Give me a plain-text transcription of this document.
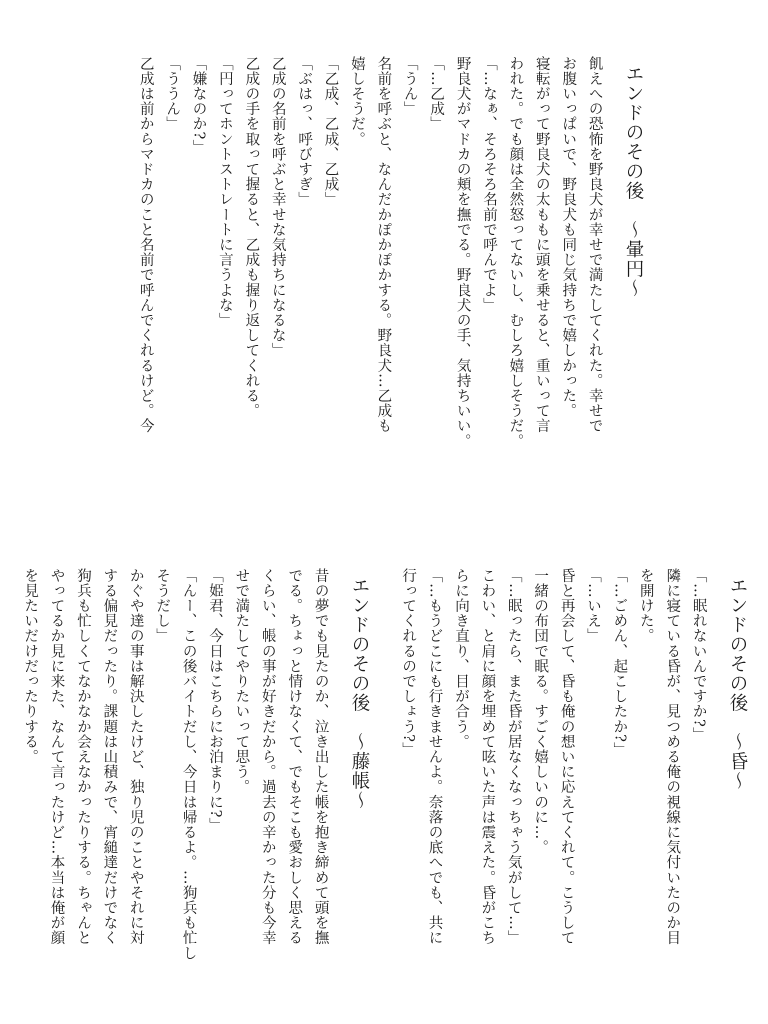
エンドのその後　～暈円～
飢えへの恐怖を野良犬が幸せで満たしてくれた。幸せで
お腹いっぱいで、野良犬も同じ気持ちで嬉しかった。
寝転がって野良犬の太ももに頭を乗せると、重いって言
われた。でも顔は全然怒ってないし、むしろ嬉しそうだ。
「…なぁ、そろそろ名前で呼んでよ」
野良犬がマドカの頬を撫でる。野良犬の手、気持ちいい。
「…乙成」
「うん」
名前を呼ぶと、なんだかぽかぽかする。野良犬…乙成も
嬉しそうだ。
「乙成、乙成、乙成」
「ぶはっ、呼びすぎ」
乙成の名前を呼ぶと幸せな気持ちになるな」
乙成の手を取って握ると、乙成も握り返してくれる。
「円ってホントストレートに言うよな」
「嫌なのか?」
「ううん」
乙成は前からマドカのこと名前で呼んでくれるけど。今
エンドのその後　～昏～
「…眠れないんですか?」
隣に寝ている昏が、見つめる俺の視線に気付いたのか目
を開けた。
「…ごめん、起こしたか?」
「…いえ」
昏と再会して、昏も俺の想いに応えてくれて。こうして
一緒の布団で眠る。すごく嬉しいのに…。
「…眠ったら、また昏が居なくなっちゃう気がして…」
こわい、と肩に顔を埋めて呟いた声は震えた。昏がこち
らに向き直り、目が合う。
「…もうどこにも行きませんよ。奈落の底へでも、共に
行ってくれるのでしょう?」
エンドのその後　～藤帳～
昔の夢でも見たのか、泣き出した帳を抱き締めて頭を撫
でる。ちょっと情けなくて、でもそこも愛おしく思える
くらい、帳の事が好きだから。過去の辛かった分も今幸
せで満たしてやりたいって思う。
「姫君、今日はこちらにお泊まりに?」
「んー、この後バイトだし、今日は帰るよ。…狗兵も忙し
そうだし」
かぐや達の事は解決したけど、独り児のことやそれに対
する偏見だったり。課題は山積みで、宵縋達だけでなく
狗兵も忙しくてなかなか会えなかったりする。ちゃんと
やってるか見に来た、なんて言ったけど…本当は俺が顔
を見たいだけだったりする。
